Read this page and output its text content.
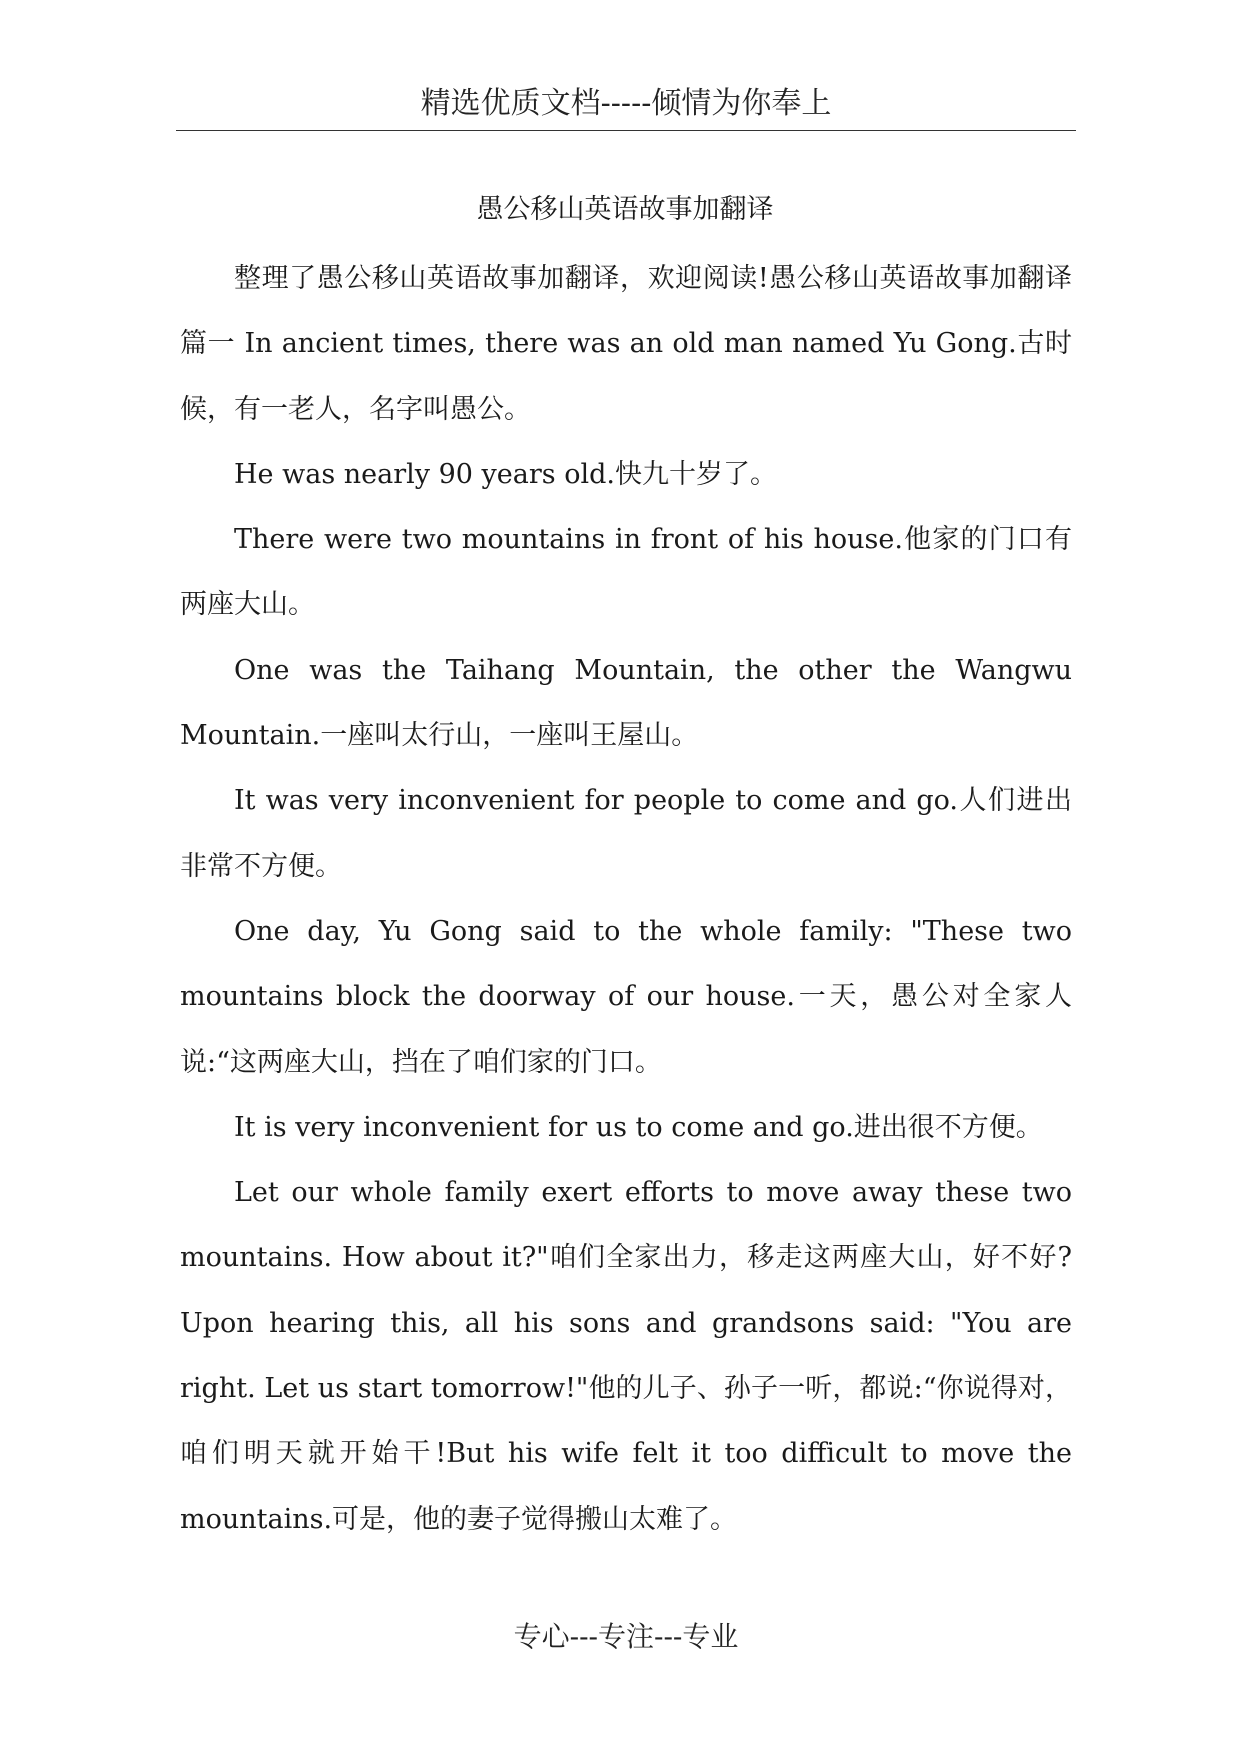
精选优质文档-----倾情为你奉上
愚公移山英语故事加翻译

整理了愚公移山英语故事加翻译，欢迎阅读!愚公移山英语故事加翻译篇一 In ancient times, there was an old man named Yu Gong.古时候，有一老人，名字叫愚公。

He was nearly 90 years old.快九十岁了。

There were two mountains in front of his house.他家的门口有两座大山。

One was the Taihang Mountain, the other the Wangwu Mountain.一座叫太行山，一座叫王屋山。

It was very inconvenient for people to come and go.人们进出非常不方便。

One day, Yu Gong said to the whole family: "These two mountains block the doorway of our house.一天，愚公对全家人说:“这两座大山，挡在了咱们家的门口。

It is very inconvenient for us to come and go.进出很不方便。

Let our whole family exert efforts to move away these two mountains. How about it?"咱们全家出力，移走这两座大山，好不好?Upon hearing this, all his sons and grandsons said: "You are right. Let us start tomorrow!"他的儿子、孙子一听，都说:“你说得对，咱们明天就开始干!But his wife felt it too difficult to move the mountains.可是，他的妻子觉得搬山太难了。

专心---专注---专业
